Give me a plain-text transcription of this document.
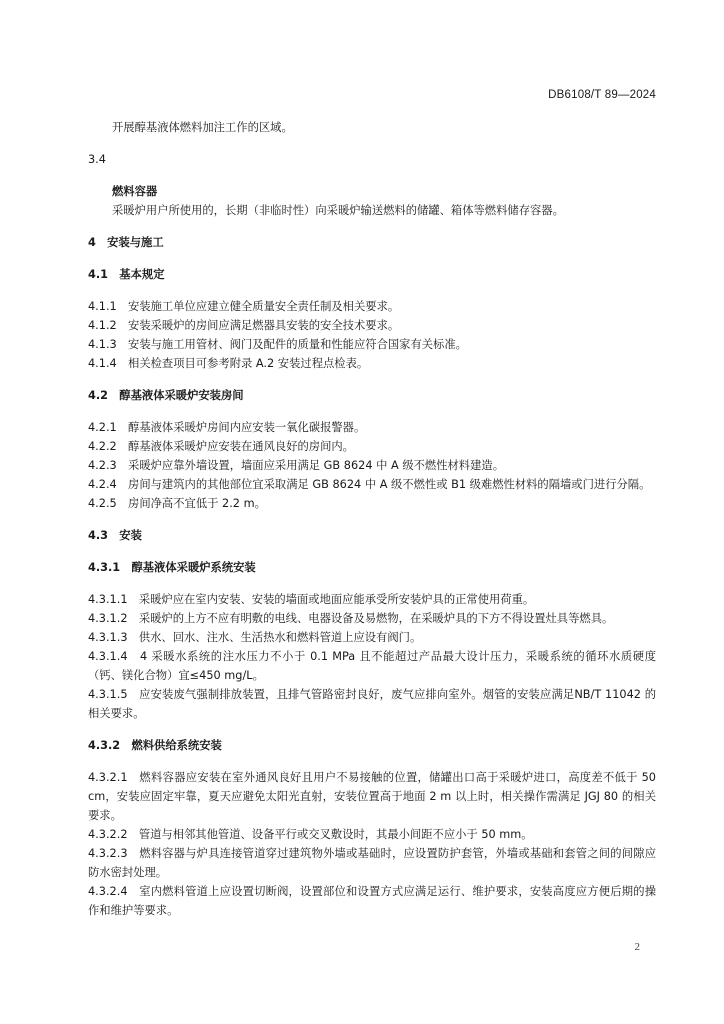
DB6108/T 89—2024
开展醇基液体燃料加注工作的区域。
3.4
燃料容器
采暖炉用户所使用的，长期（非临时性）向采暖炉输送燃料的储罐、箱体等燃料储存容器。
4　安装与施工
4.1　基本规定
4.1.1　安装施工单位应建立健全质量安全责任制及相关要求。
4.1.2　安装采暖炉的房间应满足燃器具安装的安全技术要求。
4.1.3　安装与施工用管材、阀门及配件的质量和性能应符合国家有关标准。
4.1.4　相关检查项目可参考附录 A.2 安装过程点检表。
4.2　醇基液体采暖炉安装房间
4.2.1　醇基液体采暖炉房间内应安装一氧化碳报警器。
4.2.2　醇基液体采暖炉应安装在通风良好的房间内。
4.2.3　采暖炉应靠外墙设置，墙面应采用满足 GB 8624 中 A 级不燃性材料建造。
4.2.4　房间与建筑内的其他部位宜采取满足 GB 8624 中 A 级不燃性或 B1 级难燃性材料的隔墙或门进行分隔。
4.2.5　房间净高不宜低于 2.2 m。
4.3　安装
4.3.1　醇基液体采暖炉系统安装
4.3.1.1　采暖炉应在室内安装、安装的墙面或地面应能承受所安装炉具的正常使用荷重。
4.3.1.2　采暖炉的上方不应有明敷的电线、电器设备及易燃物，在采暖炉具的下方不得设置灶具等燃具。
4.3.1.3　供水、回水、注水、生活热水和燃料管道上应设有阀门。
4.3.1.4　4 采暖水系统的注水压力不小于 0.1 MPa 且不能超过产品最大设计压力，采暖系统的循环水质硬度（钙、镁化合物）宜≤450 mg/L。
4.3.1.5　应安装废气强制排放装置，且排气管路密封良好，废气应排向室外。烟管的安装应满足NB/T 11042 的相关要求。
4.3.2　燃料供给系统安装
4.3.2.1　燃料容器应安装在室外通风良好且用户不易接触的位置，储罐出口高于采暖炉进口，高度差不低于 50 cm，安装应固定牢靠，夏天应避免太阳光直射，安装位置高于地面 2 m 以上时，相关操作需满足 JGJ 80 的相关要求。
4.3.2.2　管道与相邻其他管道、设备平行或交叉敷设时，其最小间距不应小于 50 mm。
4.3.2.3　燃料容器与炉具连接管道穿过建筑物外墙或基础时，应设置防护套管，外墙或基础和套管之间的间隙应防水密封处理。
4.3.2.4　室内燃料管道上应设置切断阀，设置部位和设置方式应满足运行、维护要求，安装高度应方便后期的操作和维护等要求。
2
